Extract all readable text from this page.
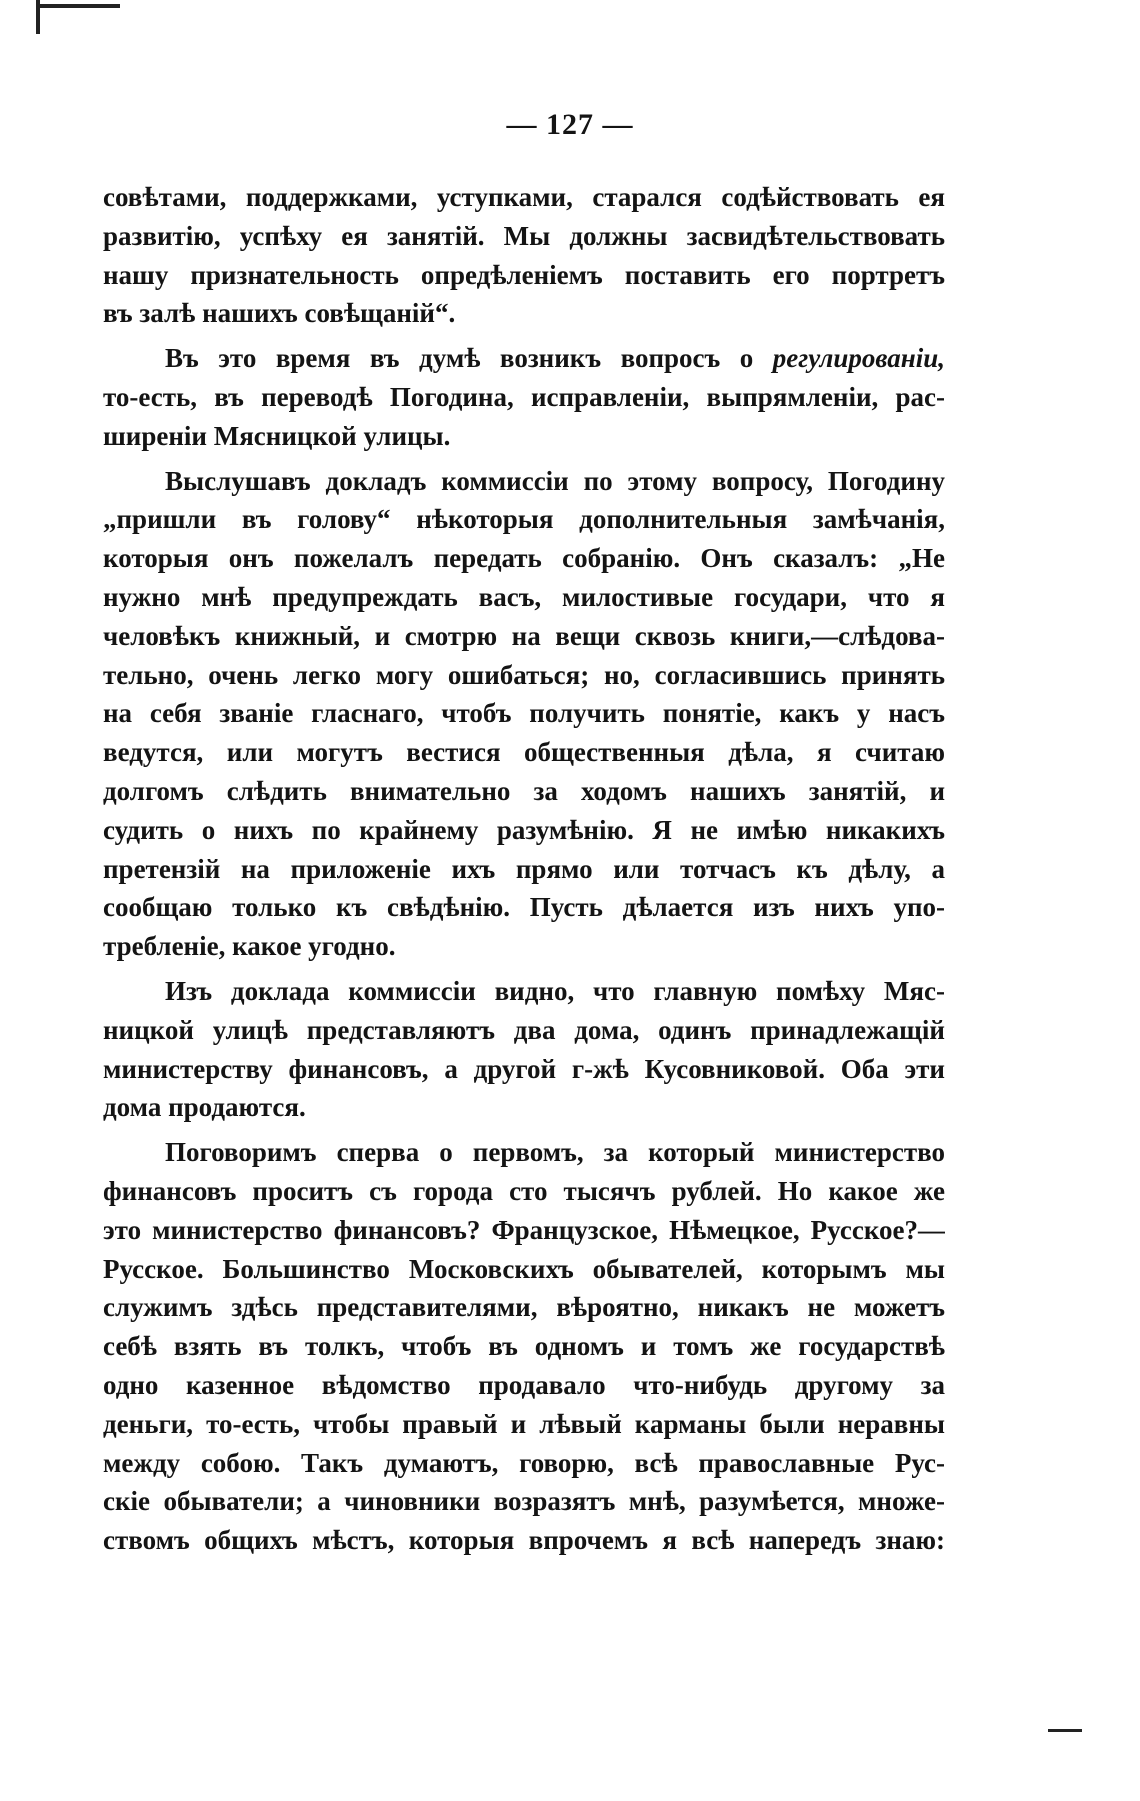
— 127 —
совѣтами, поддержками, уступками, старался содѣйствовать ея
развитію, успѣху ея занятій. Мы должны засвидѣтельствовать
нашу признательность опредѣленіемъ поставить его портретъ
въ залѣ нашихъ совѣщаній“.
Въ это время въ думѣ возникъ вопросъ о регулированіи,
то-есть, въ переводѣ Погодина, исправленіи, выпрямленіи, рас-
ширеніи Мясницкой улицы.
Выслушавъ докладъ коммиссіи по этому вопросу, Погодину
„пришли въ голову“ нѣкоторыя дополнительныя замѣчанія,
которыя онъ пожелалъ передать собранію. Онъ сказалъ: „Не
нужно мнѣ предупреждать васъ, милостивые государи, что я
человѣкъ книжный, и смотрю на вещи сквозь книги,—слѣдова-
тельно, очень легко могу ошибаться; но, согласившись принять
на себя званіе гласнаго, чтобъ получить понятіе, какъ у насъ
ведутся, или могутъ вестися общественныя дѣла, я считаю
долгомъ слѣдить внимательно за ходомъ нашихъ занятій, и
судить о нихъ по крайнему разумѣнію. Я не имѣю никакихъ
претензій на приложеніе ихъ прямо или тотчасъ къ дѣлу, а
сообщаю только къ свѣдѣнію. Пусть дѣлается изъ нихъ упо-
требленіе, какое угодно.
Изъ доклада коммиссіи видно, что главную помѣху Мяс-
ницкой улицѣ представляютъ два дома, одинъ принадлежащій
министерству финансовъ, а другой г-жѣ Кусовниковой. Оба эти
дома продаются.
Поговоримъ сперва о первомъ, за который министерство
финансовъ проситъ съ города сто тысячъ рублей. Но какое же
это министерство финансовъ? Французское, Нѣмецкое, Русское?—
Русское. Большинство Московскихъ обывателей, которымъ мы
служимъ здѣсь представителями, вѣроятно, никакъ не можетъ
себѣ взять въ толкъ, чтобъ въ одномъ и томъ же государствѣ
одно казенное вѣдомство продавало что-нибудь другому за
деньги, то-есть, чтобы правый и лѣвый карманы были неравны
между собою. Такъ думаютъ, говорю, всѣ православные Рус-
скіе обыватели; а чиновники возразятъ мнѣ, разумѣется, множе-
ствомъ общихъ мѣстъ, которыя впрочемъ я всѣ напередъ знаю:
